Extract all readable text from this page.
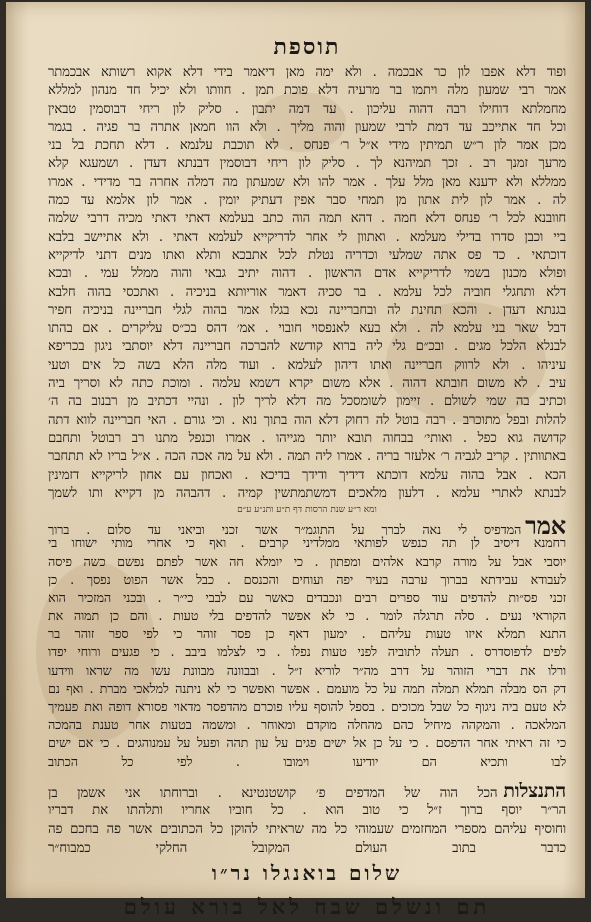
תוספת
ופוד דלא אפבו לון כר אבכמה . ולא ימה מאן דיאמר בידי דלא אקוא רשותא אבכמתר
אמר רבי שמעון מלה ויתמו בר מרעיה דלא פוכת תמן . חוותו ולא יכיל חד מנהון למללא
מחמלתא דוחילו רבה דהוה עליכון . עד דמה יתבון . סליק לון ריחי דבוסמין טבאין
וכל חד אתייכב עד דמת לרבי שמעון והוה מליך . ולא הוו חמאן אתרה בר פגיה . בגמר
מכן אמר לון ר״ש תמיתין מידי א״ל ר׳ פנחס . לא תוכבת עלנמא . דלא תחכת בל בני
מרעך זמנך רב . זכך תמיהנא לך . סליק לון ריחי דבוסמין דבנתא דעדן . ושמעגא קלא
ממללא ולא ידענא מאן מלל עלך . אמר להו ולא שמעתון מה דמלה אחרה בר מדידי . אמרו
לה . אמר לון לית אתון מן תמחי סבר אפין דעתיק יומין . אמר לון אלמא עד כמה
חוובנא לכל ר׳ פנחס דלא חמה . דהא תמה הוה כתב בעלמא דאתי דאתי מכיה דרבי שלמה
ביי וכבן סדרו בדילי מעלמא . ואתוון לי אחר לדריקייא לעלמא דאתי . ולא אתיישב בלבא
דוכתאי . כד פס אתה שמלעי וכדריה נטלת לכל אתבכא ותלא ואתו מנים דתני לדיקייא
ופולא מכנון בשמי לדריקייא אדם הראשון . דהוה יתיב גבאי והוה ממלל עמי . ובכא
דלא ותחגלי חוביה לכל עלמא . בר סכיה דאמר אוריותא בניכיה . ואתכסי בהוה חלבא
בגנתא דעדן . והכא תחינת לה ובחבריינה נכא בגלו אמר בהוה לגלי חבריינה בניכיה חפיר
דבל שאר בני עלמא לה . ולא בעא לאנפסוי חובוי . אמ׳ דהס בכ״ס עליקרים . אם בהתו
לבנלא הלכל מגים . ובכ״ם גלי ליה ברוא קודשא להברכה חבריינה דלא יוסתבי ניגון בכריפא
עיניהו . ולא לרווק חבריינה ואתו דיהון לעלמא . ועוד מלה הלא בשה כל אים וטעי
עיב . לא משום חובתא דהוה . אלא משום יקרא דשמא עלמה . ומוכת כתה לא וסריך ביה
וכתיב בה שמי לשולם . זיימון לשומסכל מה דלא לריך לון . ונהיי דכתיב מן רבנוב בה ה׳
להלות ובפל מתוכרב . רבה בוטל לה רחוק דלא הוה בתוך נוא . וכי גורם . האי חבריינה לווא דתה
קדושה גוא כפל . ואותי׳ בבחוה תובא יותר מגייהו . אמרו וכנפל מתנו רב רבוטל ותחבם
באתוותין . קריב לגביה ר׳ אלעזר בריה . אמרו ליה תמה . ולא על מה אכה הכה . א״ל בריו לא תתחבר
הכא . אבל בהוה עלמא דוכתא דידיך ודידך בדיכא . ואכחון עם אחון לריקייא דזמינין
לבנתא לאתרי עלמא . דלעון מלאכים דמשתמתשין קמיה . דהבהה מן דקייא ותו לשמך
ומא ר״ע שנת הרסות דף ת״ע ותנ״ע ע״ם
אמרהמדפיס לי נאה לברך על התוגמ״ר אשר זכני וביאני עד סלום . ברוך
רחמנא דיסיב לן תה כנפש לפותאי ממלדיני קרבים . ואף כי אחרי מותי ישוחו בי
יוסבי אבל על מורה קרבא אלהים ומפתון . כי יומלא חה אשר לפתם נפשם כשה פיסה
לעבודא עבידתא בברוך ערבה בעיר יפה ועוחים והכנסם . כבל אשר הפוט נפסך . כן
זכני פס״ות להדפים עוד ספרים רבים ונכבדים כאשר עם לבבי כי״ר . ובכני המזכיר הוא
הקוראי נעים . סלה תרגלה לומר . כי לא אפשר להדפים בלי טעות . והם כן תמוה את
התנא תמלא איזו טעות עליהם . ימעון דאף כן פסר זוהר כי לפי ספר זוהר בר
לפים לדפוסדרס . תעלה לתוביה לפני טעות נפלו . כי לצלמו ביבב . כי פגעים ורוחי יפדו
ורלו את דברי הזוהר על דרב מה״ר לוריא ז״ל . ובבוונה מבוונת עשו מה שראו ווידעו
דק הס מבלה תמלא תמלה תמה על כל מועמם . אפשר ואפשר כי לא ניתנה למלאכי מברת . ואף נם
לא טעם ביה ניגוף כל שבל מכוכים . בספל להוסף עליו פוכרם מהדפסר מדאוי פסורא דופה ואת פעמיך
המלאכה . והמקהה מיחיל כהם מהחלה מוקדם ומאוחר . ומשמה בטעות אחר טענת בהמכה
כי זה ראיתי אחר הדפסם . כי על כן אל ישים פגים על עון תהה ופעל על עמנוהגים . כי אם ישים
לבו ותכיא הם יודיעו וימובו . לפי כל הכתוב
התנצלותהכל הוה של המדפים פ׳ קושטנטינא . וברוחתו אני אשמן בן
הר״ר יוסף ברוך ז״ל כי טוב הוא . כל חוביו אחריו ותלהתו את דבריו
וחוסיף עליהם מספרי המחזמים שעמוהי כל מה שראיתי להוקן כל הכתובים אשר פה בחכם פה
כדבר בתוב העולם המקובל החלקי כמבוח״ר
שלום בואנגלו נר״ו
תם ונשלם שבח לאל בורא עולם
